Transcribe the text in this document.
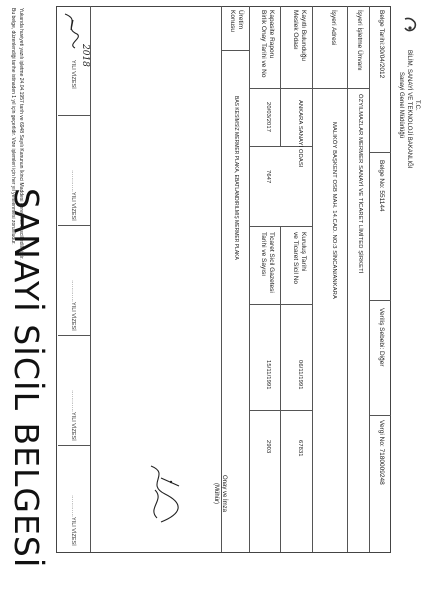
T.C.
BİLİM, SANAYİ VE TEKNOLOJİ BAKANLIĞI
Sanayi Genel Müdürlüğü
SANAYİ SİCİL BELGESİ
Belge Tarihi:30/04/2012
Belge No: 551144
Veriliş Sebebi: Diğer
Vergi No: 7180009248
İşyeri İşletme Ünvanı
ÖZYILMAZLAR MERMER SANAYİ VE TİCARET LİMİTED ŞİRKETİ
İşyeri Adresi
MALIKÖY BAŞKENT OSB MAH. 14.CAD. NO:3 SİNCAN/ANKARA
Kayıtlı Bulunduğu
Meslek Odası
ANKARA SANAYİ ODASI
Kapasite Raporu
Birlik Onay Tarihi ve No
20/03/2017
7647
Kuruluş Tarihi
ve Ticaret Sicil No
06/11/1991
67831
Ticaret Sicil Gazetesi
Tarihi ve Sayısı
15/11/1991
2903
Üretim
Konusu
BAS KESİMSİZ MERMER PLAKA, EBATLANDIRILMIŞ MERMER PLAKA
Onay ve İmza
(Mühür)
YILI VİZESİ
…………YILI VİZESİ
…………YILI VİZESİ
…………YILI VİZESİ
…………YILI VİZESİ
2018
Yukarıda huviyeti yazılı işletme 24.04.1957 tarih ve 6948 Sayılı Kanunun İkinci Maddesi gereğince tescil edilmiştir.
Bu belge, düzenlendiği tarihe istinaden 1 yıl için geçerlidir. Vize işlemleri için her yıl yenilenmesi zorunludur.
